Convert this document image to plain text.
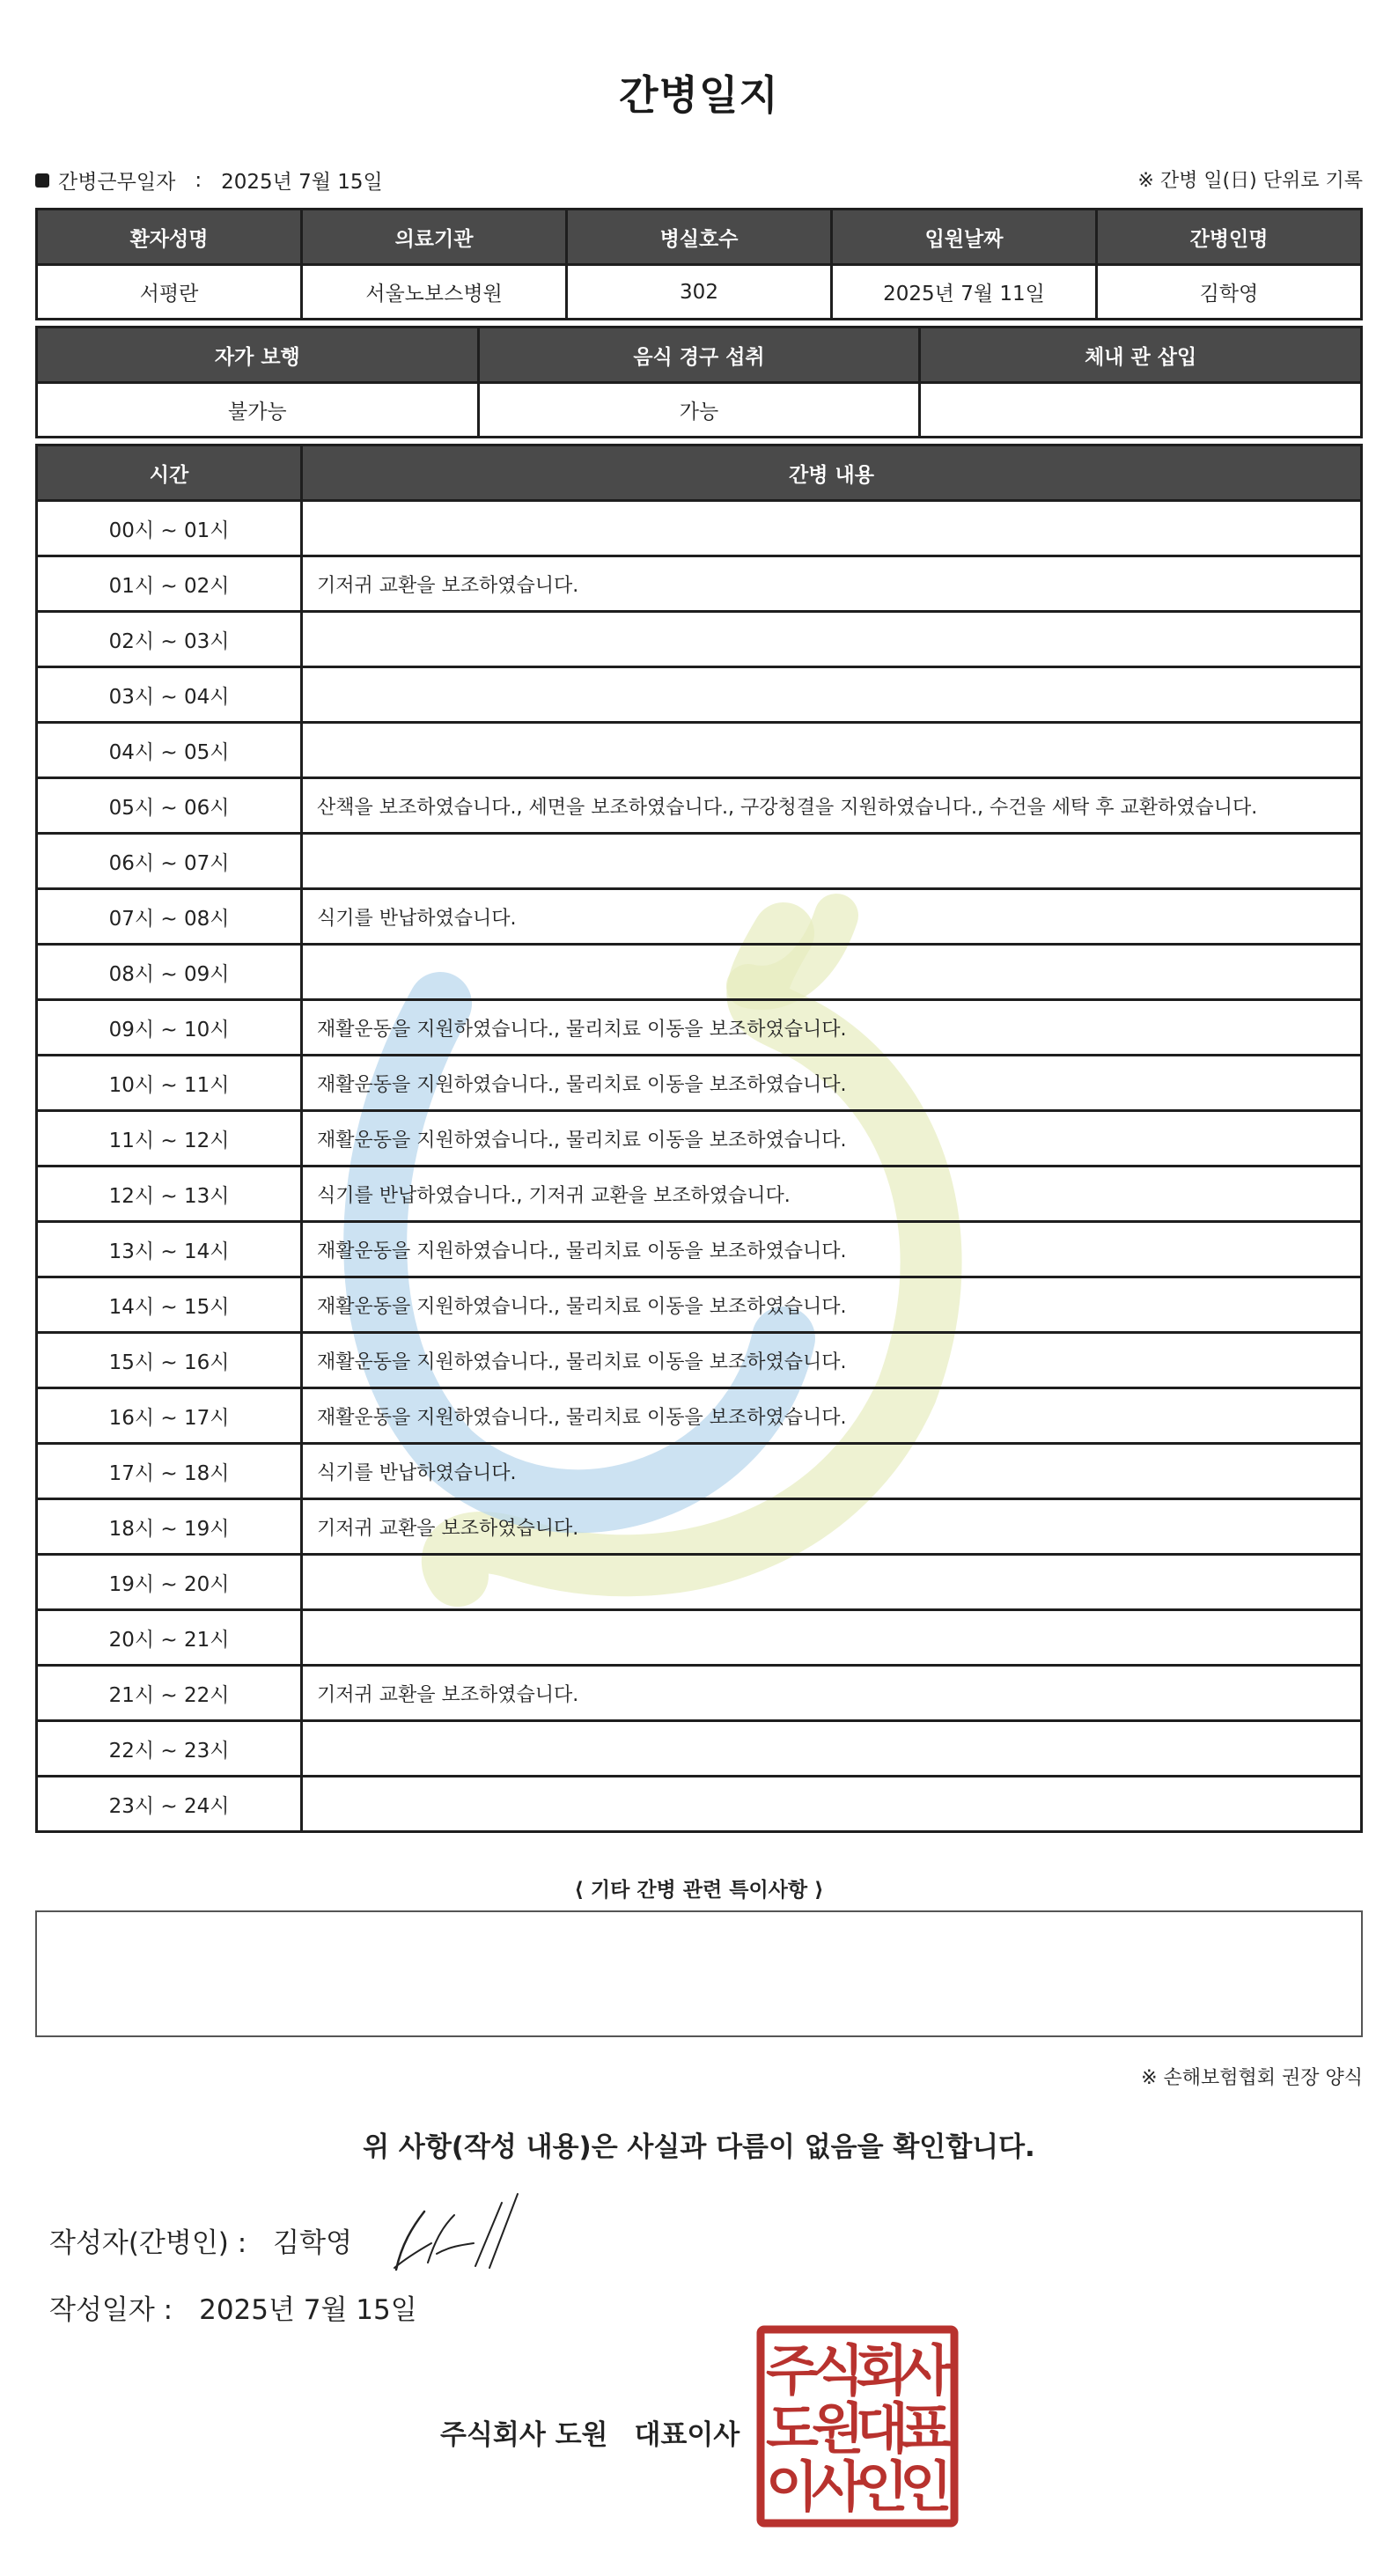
간병일지
간병근무일자 : 2025년 7월 15일	※ 간병 일(日) 단위로 기록
환자성명	의료기관	병실호수	입원날짜	간병인명
서평란	서울노보스병원	302	2025년 7월 11일	김학영
자가 보행	음식 경구 섭취	체내 관 삽입
불가능	가능	
시간	간병 내용
00시 ~ 01시	
01시 ~ 02시	기저귀 교환을 보조하였습니다.
02시 ~ 03시	
03시 ~ 04시	
04시 ~ 05시	
05시 ~ 06시	산책을 보조하였습니다., 세면을 보조하였습니다., 구강청결을 지원하였습니다., 수건을 세탁 후 교환하였습니다.
06시 ~ 07시	
07시 ~ 08시	식기를 반납하였습니다.
08시 ~ 09시	
09시 ~ 10시	재활운동을 지원하였습니다., 물리치료 이동을 보조하였습니다.
10시 ~ 11시	재활운동을 지원하였습니다., 물리치료 이동을 보조하였습니다.
11시 ~ 12시	재활운동을 지원하였습니다., 물리치료 이동을 보조하였습니다.
12시 ~ 13시	식기를 반납하였습니다., 기저귀 교환을 보조하였습니다.
13시 ~ 14시	재활운동을 지원하였습니다., 물리치료 이동을 보조하였습니다.
14시 ~ 15시	재활운동을 지원하였습니다., 물리치료 이동을 보조하였습니다.
15시 ~ 16시	재활운동을 지원하였습니다., 물리치료 이동을 보조하였습니다.
16시 ~ 17시	재활운동을 지원하였습니다., 물리치료 이동을 보조하였습니다.
17시 ~ 18시	식기를 반납하였습니다.
18시 ~ 19시	기저귀 교환을 보조하였습니다.
19시 ~ 20시	
20시 ~ 21시	
21시 ~ 22시	기저귀 교환을 보조하였습니다.
22시 ~ 23시	
23시 ~ 24시	
⟨ 기타 간병 관련 특이사항 ⟩
※ 손해보험협회 권장 양식
위 사항(작성 내용)은 사실과 다름이 없음을 확인합니다.
작성자(간병인) : 김학영
작성일자 : 2025년 7월 15일
주식회사 도원 대표이사
주
식
회
사
도
원
대
표
이
사
인
인
